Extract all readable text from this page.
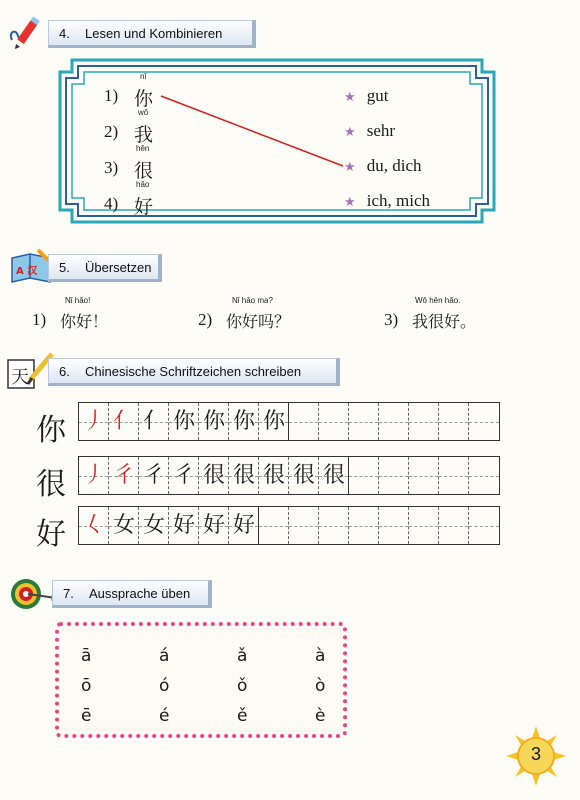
4.	Lesen und Kombinieren
nǐ
1) 你
wǒ
2) 我
hěn
3) 很
hǎo
4) 好
★ gut
★ sehr
★ du, dich
★ ich, mich
A 汉 5.	Übersetzen
Nǐ hǎo!
1) 你好！
Nǐ hǎo ma?
2) 你好吗？
Wǒ hěn hǎo.
3) 我很好。
天 6.	Chinesische Schriftzeichen schreiben
你 丿 亻 亻 你 你 你 你
很 丿 彳 彳 彳 很 很 很 很 很
好 𡿨 女 女 好 好 好
7.	Aussprache üben
ā	á	ǎ	à
ō	ó	ǒ	ò
ē	é	ě	è
3
